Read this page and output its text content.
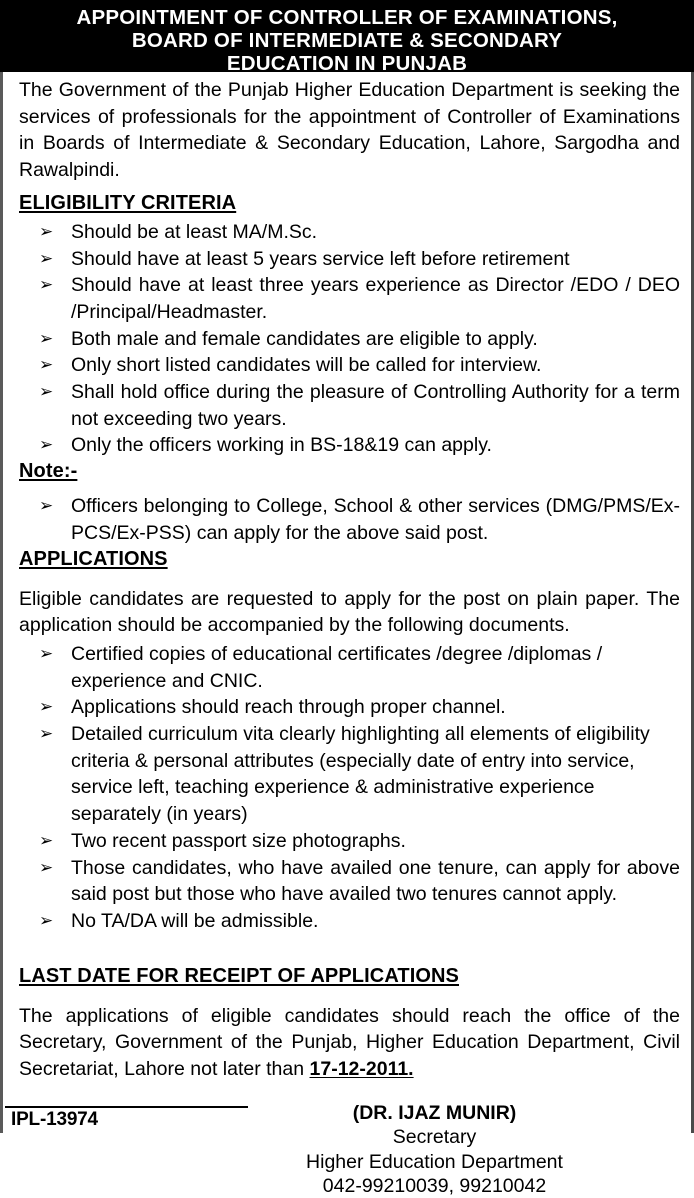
APPOINTMENT OF CONTROLLER OF EXAMINATIONS,
BOARD OF INTERMEDIATE & SECONDARY
EDUCATION IN PUNJAB

The Government of the Punjab Higher Education Department is seeking the services of professionals for the appointment of Controller of Examinations in Boards of Intermediate & Secondary Education, Lahore, Sargodha and Rawalpindi.

ELIGIBILITY CRITERIA
➢ Should be at least MA/M.Sc.
➢ Should have at least 5 years service left before retirement
➢ Should have at least three years experience as Director /EDO / DEO /Principal/Headmaster.
➢ Both male and female candidates are eligible to apply.
➢ Only short listed candidates will be called for interview.
➢ Shall hold office during the pleasure of Controlling Authority for a term not exceeding two years.
➢ Only the officers working in BS-18&19 can apply.
Note:-
➢ Officers belonging to College, School & other services (DMG/PMS/Ex-PCS/Ex-PSS) can apply for the above said post.
APPLICATIONS

Eligible candidates are requested to apply for the post on plain paper. The application should be accompanied by the following documents.

➢ Certified copies of educational certificates /degree /diplomas / experience and CNIC.
➢ Applications should reach through proper channel.
➢ Detailed curriculum vita clearly highlighting all elements of eligibility criteria & personal attributes (especially date of entry into service, service left, teaching experience & administrative experience separately (in years)
➢ Two recent passport size photographs.
➢ Those candidates, who have availed one tenure, can apply for above said post but those who have availed two tenures cannot apply.
➢ No TA/DA will be admissible.
LAST DATE FOR RECEIPT OF APPLICATIONS

The applications of eligible candidates should reach the office of the Secretary, Government of the Punjab, Higher Education Department, Civil Secretariat, Lahore not later than 17-12-2011.

(DR. IJAZ MUNIR)
Secretary
Higher Education Department
042-99210039, 99210042
IPL-13974
